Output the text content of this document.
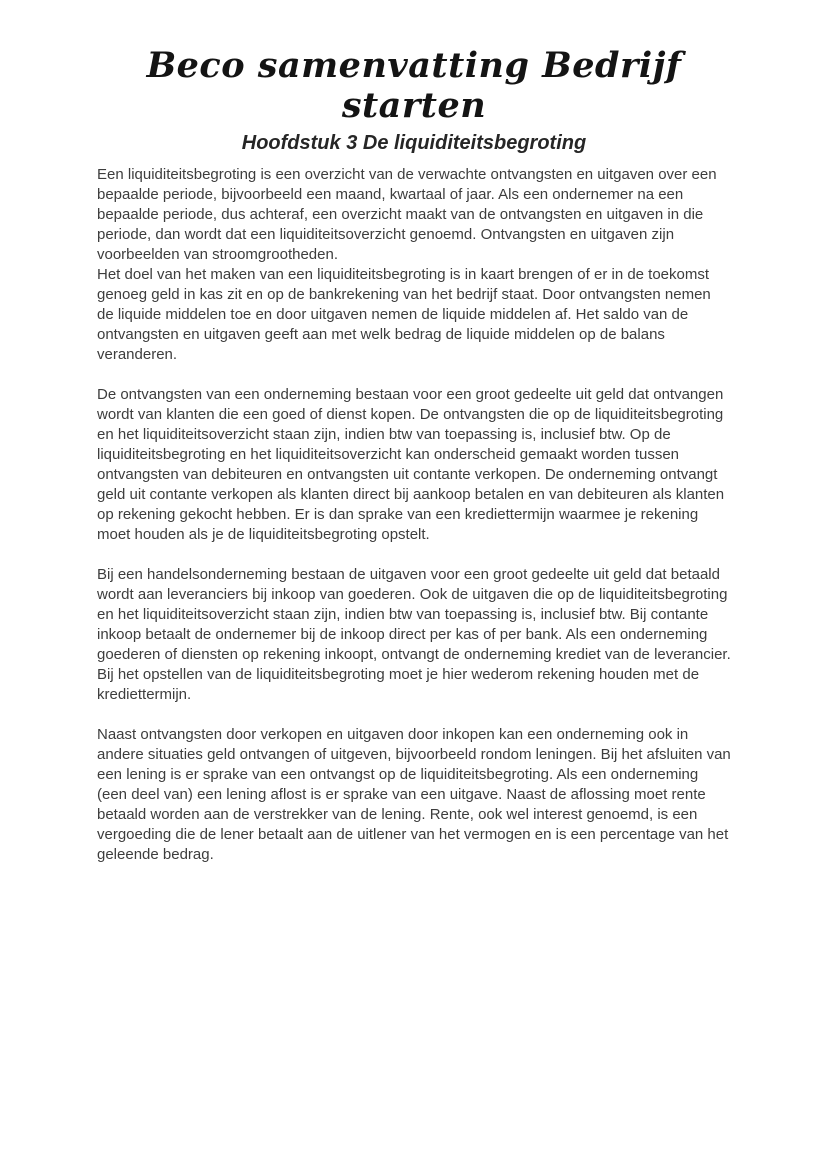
Beco samenvatting Bedrijf starten
Hoofdstuk 3 De liquiditeitsbegroting

Een liquiditeitsbegroting is een overzicht van de verwachte ontvangsten en uitgaven over een bepaalde periode, bijvoorbeeld een maand, kwartaal of jaar. Als een ondernemer na een bepaalde periode, dus achteraf, een overzicht maakt van de ontvangsten en uitgaven in die periode, dan wordt dat een liquiditeitsoverzicht genoemd. Ontvangsten en uitgaven zijn voorbeelden van stroomgrootheden.

Het doel van het maken van een liquiditeitsbegroting is in kaart brengen of er in de toekomst genoeg geld in kas zit en op de bankrekening van het bedrijf staat. Door ontvangsten nemen de liquide middelen toe en door uitgaven nemen de liquide middelen af. Het saldo van de ontvangsten en uitgaven geeft aan met welk bedrag de liquide middelen op de balans veranderen.

De ontvangsten van een onderneming bestaan voor een groot gedeelte uit geld dat ontvangen wordt van klanten die een goed of dienst kopen. De ontvangsten die op de liquiditeitsbegroting en het liquiditeitsoverzicht staan zijn, indien btw van toepassing is, inclusief btw. Op de liquiditeitsbegroting en het liquiditeitsoverzicht kan onderscheid gemaakt worden tussen ontvangsten van debiteuren en ontvangsten uit contante verkopen. De onderneming ontvangt geld uit contante verkopen als klanten direct bij aankoop betalen en van debiteuren als klanten op rekening gekocht hebben. Er is dan sprake van een krediettermijn waarmee je rekening moet houden als je de liquiditeitsbegroting opstelt.

Bij een handelsonderneming bestaan de uitgaven voor een groot gedeelte uit geld dat betaald wordt aan leveranciers bij inkoop van goederen. Ook de uitgaven die op de liquiditeitsbegroting en het liquiditeitsoverzicht staan zijn, indien btw van toepassing is, inclusief btw. Bij contante inkoop betaalt de ondernemer bij de inkoop direct per kas of per bank. Als een onderneming goederen of diensten op rekening inkoopt, ontvangt de onderneming krediet van de leverancier. Bij het opstellen van de liquiditeitsbegroting moet je hier wederom rekening houden met de krediettermijn.

Naast ontvangsten door verkopen en uitgaven door inkopen kan een onderneming ook in andere situaties geld ontvangen of uitgeven, bijvoorbeeld rondom leningen. Bij het afsluiten van een lening is er sprake van een ontvangst op de liquiditeitsbegroting. Als een onderneming (een deel van) een lening aflost is er sprake van een uitgave. Naast de aflossing moet rente betaald worden aan de verstrekker van de lening. Rente, ook wel interest genoemd, is een vergoeding die de lener betaalt aan de uitlener van het vermogen en is een percentage van het geleende bedrag.
